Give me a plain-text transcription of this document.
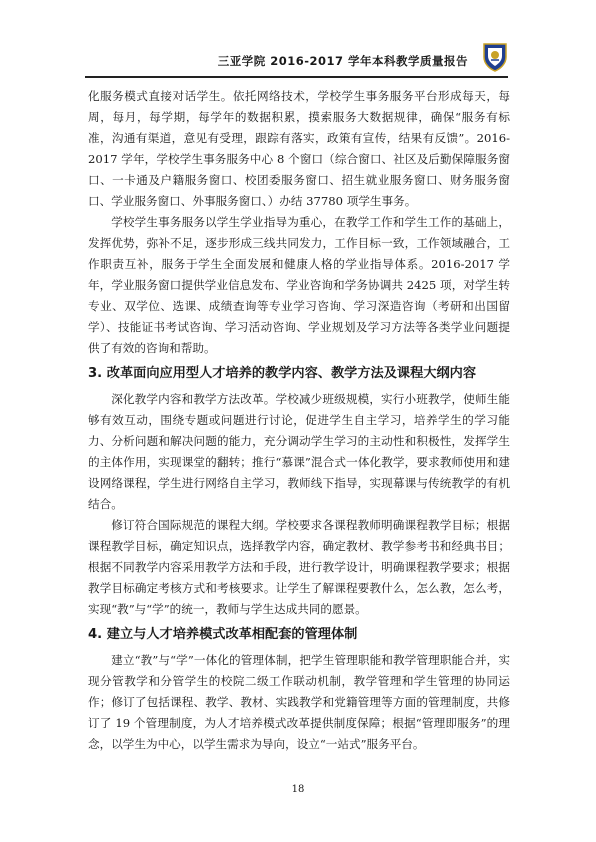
三亚学院 2016-2017 学年本科教学质量报告

化服务模式直接对话学生。依托网络技术，学校学生事务服务平台形成每天，每周，每月，每学期，每学年的数据积累，摸索服务大数据规律，确保“服务有标准，沟通有渠道，意见有受理，跟踪有落实，政策有宣传，结果有反馈”。2016-2017 学年，学校学生事务服务中心 8 个窗口（综合窗口、社区及后勤保障服务窗口、一卡通及户籍服务窗口、校团委服务窗口、招生就业服务窗口、财务服务窗口、学业服务窗口、外事服务窗口、）办结 37780 项学生事务。

学校学生事务服务以学生学业指导为重心，在教学工作和学生工作的基础上，发挥优势，弥补不足，逐步形成三线共同发力，工作目标一致，工作领域融合，工作职责互补，服务于学生全面发展和健康人格的学业指导体系。2016-2017 学年，学业服务窗口提供学业信息发布、学业咨询和学务协调共 2425 项，对学生转专业、双学位、选课、成绩查询等专业学习咨询、学习深造咨询（考研和出国留学）、技能证书考试咨询、学习活动咨询、学业规划及学习方法等各类学业问题提供了有效的咨询和帮助。

3. 改革面向应用型人才培养的教学内容、教学方法及课程大纲内容

深化教学内容和教学方法改革。学校减少班级规模，实行小班教学，使师生能够有效互动，围绕专题或问题进行讨论，促进学生自主学习，培养学生的学习能力、分析问题和解决问题的能力，充分调动学生学习的主动性和积极性，发挥学生的主体作用，实现课堂的翻转；推行“慕课”混合式一体化教学，要求教师使用和建设网络课程，学生进行网络自主学习，教师线下指导，实现幕课与传统教学的有机结合。

修订符合国际规范的课程大纲。学校要求各课程教师明确课程教学目标；根据课程教学目标，确定知识点，选择教学内容，确定教材、教学参考书和经典书目；根据不同教学内容采用教学方法和手段，进行教学设计，明确课程教学要求；根据教学目标确定考核方式和考核要求。让学生了解课程要教什么，怎么教，怎么考，实现“教”与“学”的统一，教师与学生达成共同的愿景。

4. 建立与人才培养模式改革相配套的管理体制

建立“教”与“学”一体化的管理体制，把学生管理职能和教学管理职能合并，实现分管教学和分管学生的校院二级工作联动机制，教学管理和学生管理的协同运作；修订了包括课程、教学、教材、实践教学和党籍管理等方面的管理制度，共修订了 19 个管理制度，为人才培养模式改革提供制度保障；根据“管理即服务”的理念，以学生为中心，以学生需求为导向，设立“一站式”服务平台。

18
